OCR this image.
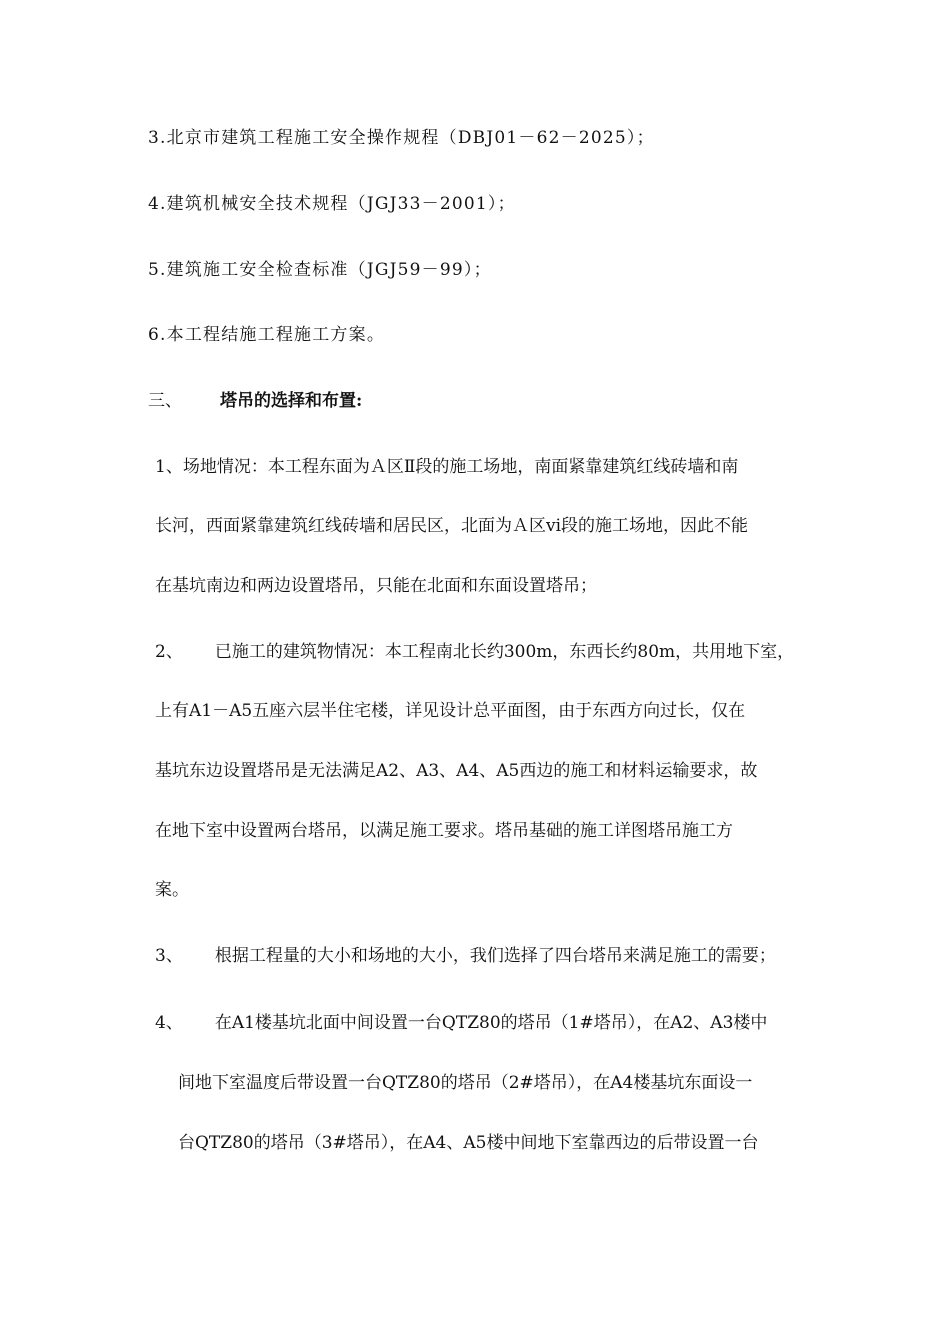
3.北京市建筑工程施工安全操作规程（DBJ01－62－2025）；
4.建筑机械安全技术规程（JGJ33－2001）；
5.建筑施工安全检查标准（JGJ59－99）；
6.本工程结施工程施工方案。
三、 塔吊的选择和布置:
1、场地情况：本工程东面为Ａ区Ⅱ段的施工场地，南面紧靠建筑红线砖墙和南
长河，西面紧靠建筑红线砖墙和居民区，北面为Ａ区ⅵ段的施工场地，因此不能
在基坑南边和两边设置塔吊，只能在北面和东面设置塔吊；
2、 已施工的建筑物情况：本工程南北长约300m，东西长约80m，共用地下室，
上有A1－A5五座六层半住宅楼，详见设计总平面图，由于东西方向过长，仅在
基坑东边设置塔吊是无法满足A2、A3、A4、A5西边的施工和材料运输要求，故
在地下室中设置两台塔吊，以满足施工要求。塔吊基础的施工详图塔吊施工方
案。
3、 根据工程量的大小和场地的大小，我们选择了四台塔吊来满足施工的需要；
4、 在A1楼基坑北面中间设置一台QTZ80的塔吊（1#塔吊），在A2、A3楼中
间地下室温度后带设置一台QTZ80的塔吊（2#塔吊），在A4楼基坑东面设一
台QTZ80的塔吊（3#塔吊），在A4、A5楼中间地下室靠西边的后带设置一台
